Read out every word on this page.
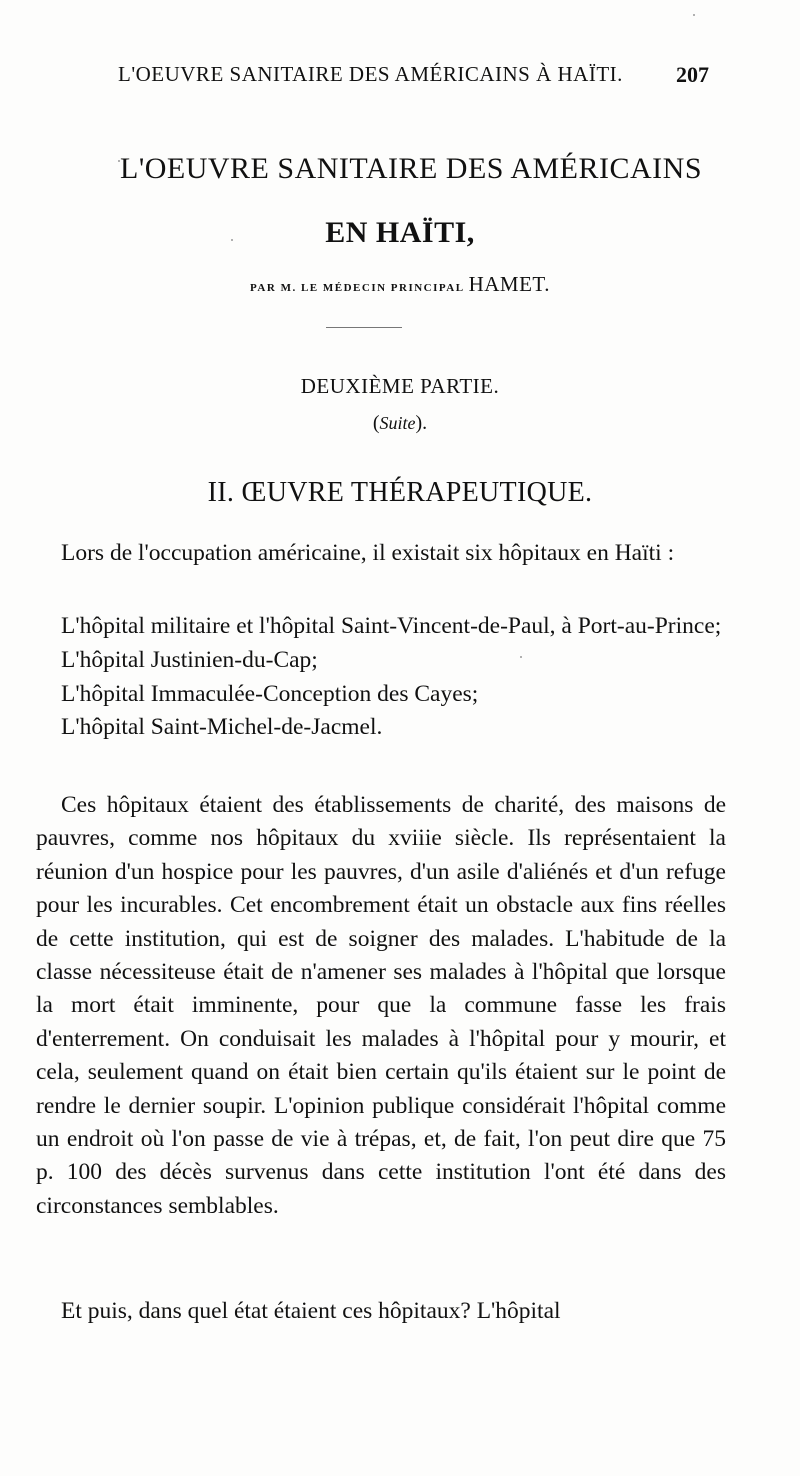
L'OEUVRE SANITAIRE DES AMÉRICAINS À HAÏTI. 207
L'OEUVRE SANITAIRE DES AMÉRICAINS
EN HAÏTI,
PAR M. LE MÉDECIN PRINCIPAL HAMET.
DEUXIÈME PARTIE.
(Suite).
II. ŒUVRE THÉRAPEUTIQUE.
Lors de l'occupation américaine, il existait six hôpitaux en Haïti :
L'hôpital militaire et l'hôpital Saint-Vincent-de-Paul, à Port-au-Prince;
L'hôpital Justinien-du-Cap;
L'hôpital Immaculée-Conception des Cayes;
L'hôpital Saint-Michel-de-Jacmel.
Ces hôpitaux étaient des établissements de charité, des maisons de pauvres, comme nos hôpitaux du xviiie siècle. Ils représentaient la réunion d'un hospice pour les pauvres, d'un asile d'aliénés et d'un refuge pour les incurables. Cet encombrement était un obstacle aux fins réelles de cette institution, qui est de soigner des malades. L'habitude de la classe nécessiteuse était de n'amener ses malades à l'hôpital que lorsque la mort était imminente, pour que la commune fasse les frais d'enterrement. On conduisait les malades à l'hôpital pour y mourir, et cela, seulement quand on était bien certain qu'ils étaient sur le point de rendre le dernier soupir. L'opinion publique considérait l'hôpital comme un endroit où l'on passe de vie à trépas, et, de fait, l'on peut dire que 75 p. 100 des décès survenus dans cette institution l'ont été dans des circonstances semblables.
Et puis, dans quel état étaient ces hôpitaux? L'hôpital
